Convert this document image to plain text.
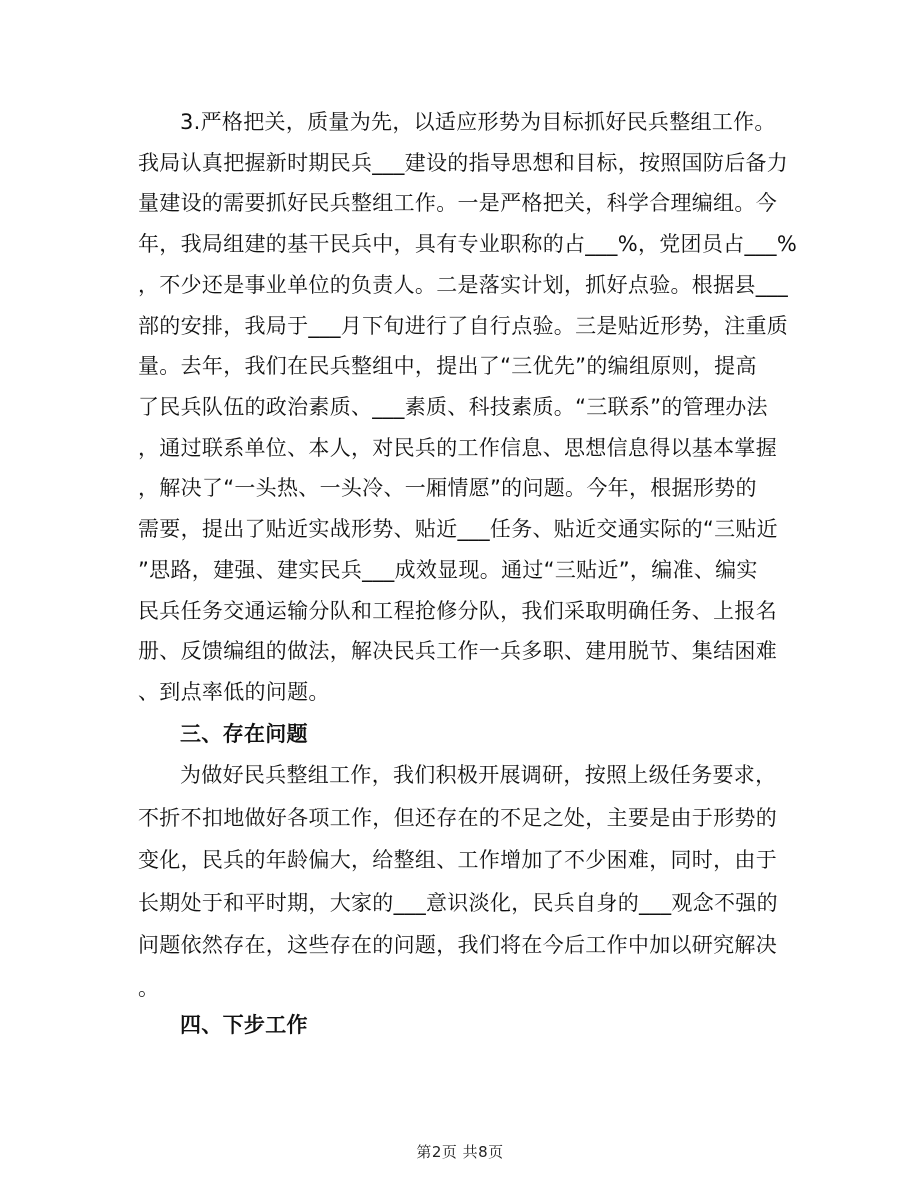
3.严格把关，质量为先，以适应形势为目标抓好民兵整组工作。
我局认真把握新时期民兵___建设的指导思想和目标，按照国防后备力
量建设的需要抓好民兵整组工作。一是严格把关，科学合理编组。今
年，我局组建的基干民兵中，具有专业职称的占___%，党团员占___%
，不少还是事业单位的负责人。二是落实计划，抓好点验。根据县___
部的安排，我局于___月下旬进行了自行点验。三是贴近形势，注重质
量。去年，我们在民兵整组中，提出了“三优先”的编组原则，提高
了民兵队伍的政治素质、___素质、科技素质。“三联系”的管理办法
，通过联系单位、本人，对民兵的工作信息、思想信息得以基本掌握
，解决了“一头热、一头冷、一厢情愿”的问题。今年，根据形势的
需要，提出了贴近实战形势、贴近___任务、贴近交通实际的“三贴近
”思路，建强、建实民兵___成效显现。通过“三贴近”，编准、编实
民兵任务交通运输分队和工程抢修分队，我们采取明确任务、上报名
册、反馈编组的做法，解决民兵工作一兵多职、建用脱节、集结困难
、到点率低的问题。
三、存在问题
为做好民兵整组工作，我们积极开展调研，按照上级任务要求，
不折不扣地做好各项工作，但还存在的不足之处，主要是由于形势的
变化，民兵的年龄偏大，给整组、工作增加了不少困难，同时，由于
长期处于和平时期，大家的___意识淡化，民兵自身的___观念不强的
问题依然存在，这些存在的问题，我们将在今后工作中加以研究解决
。
四、下步工作
第2页 共8页
